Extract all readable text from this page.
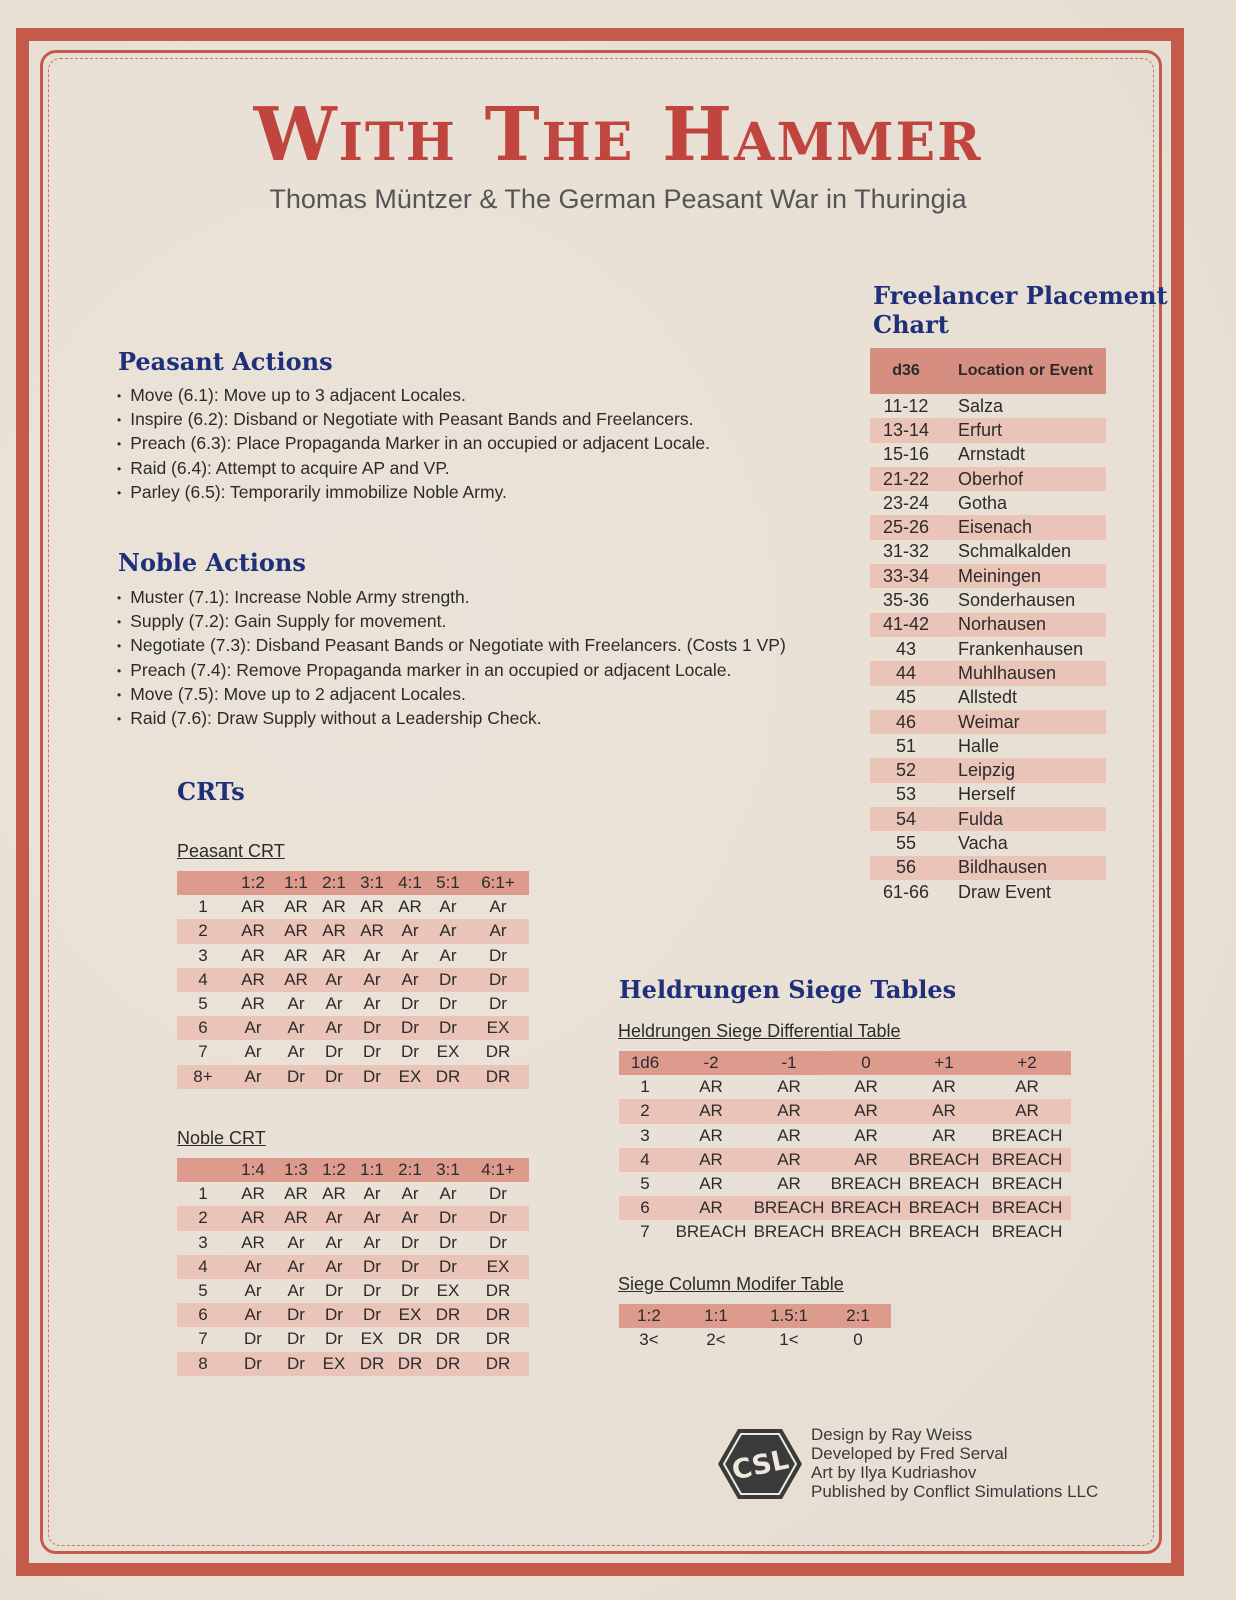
With The Hammer
Thomas Müntzer & The German Peasant War in Thuringia
Peasant Actions
• Move (6.1): Move up to 3 adjacent Locales.
• Inspire (6.2): Disband or Negotiate with Peasant Bands and Freelancers.
• Preach (6.3): Place Propaganda Marker in an occupied or adjacent Locale.
• Raid (6.4): Attempt to acquire AP and VP.
• Parley (6.5): Temporarily immobilize Noble Army.
Noble Actions
• Muster (7.1): Increase Noble Army strength.
• Supply (7.2): Gain Supply for movement.
• Negotiate (7.3): Disband Peasant Bands or Negotiate with Freelancers. (Costs 1 VP)
• Preach (7.4): Remove Propaganda marker in an occupied or adjacent Locale.
• Move (7.5): Move up to 2 adjacent Locales.
• Raid (7.6): Draw Supply without a Leadership Check.
CRTs
Peasant CRT
	1:2	1:1	2:1	3:1	4:1	5:1	6:1+
1	AR	AR	AR	AR	AR	Ar	Ar
2	AR	AR	AR	AR	Ar	Ar	Ar
3	AR	AR	AR	Ar	Ar	Ar	Dr
4	AR	AR	Ar	Ar	Ar	Dr	Dr
5	AR	Ar	Ar	Ar	Dr	Dr	Dr
6	Ar	Ar	Ar	Dr	Dr	Dr	EX
7	Ar	Ar	Dr	Dr	Dr	EX	DR
8+	Ar	Dr	Dr	Dr	EX	DR	DR
Noble CRT
	1:4	1:3	1:2	1:1	2:1	3:1	4:1+
1	AR	AR	AR	Ar	Ar	Ar	Dr
2	AR	AR	Ar	Ar	Ar	Dr	Dr
3	AR	Ar	Ar	Ar	Dr	Dr	Dr
4	Ar	Ar	Ar	Dr	Dr	Dr	EX
5	Ar	Ar	Dr	Dr	Dr	EX	DR
6	Ar	Dr	Dr	Dr	EX	DR	DR
7	Dr	Dr	Dr	EX	DR	DR	DR
8	Dr	Dr	EX	DR	DR	DR	DR
Freelancer Placement
Chart
d36	Location or Event
11-12	Salza
13-14	Erfurt
15-16	Arnstadt
21-22	Oberhof
23-24	Gotha
25-26	Eisenach
31-32	Schmalkalden
33-34	Meiningen
35-36	Sonderhausen
41-42	Norhausen
43	Frankenhausen
44	Muhlhausen
45	Allstedt
46	Weimar
51	Halle
52	Leipzig
53	Herself
54	Fulda
55	Vacha
56	Bildhausen
61-66	Draw Event
Heldrungen Siege Tables
Heldrungen Siege Differential Table
1d6	-2	-1	0	+1	+2
1	AR	AR	AR	AR	AR
2	AR	AR	AR	AR	AR
3	AR	AR	AR	AR	BREACH
4	AR	AR	AR	BREACH	BREACH
5	AR	AR	BREACH	BREACH	BREACH
6	AR	BREACH	BREACH	BREACH	BREACH
7	BREACH	BREACH	BREACH	BREACH	BREACH
Siege Column Modifer Table
1:2	1:1	1.5:1	2:1
3<	2<	1<	0
CSL
Design by Ray Weiss
Developed by Fred Serval
Art by Ilya Kudriashov
Published by Conflict Simulations LLC
